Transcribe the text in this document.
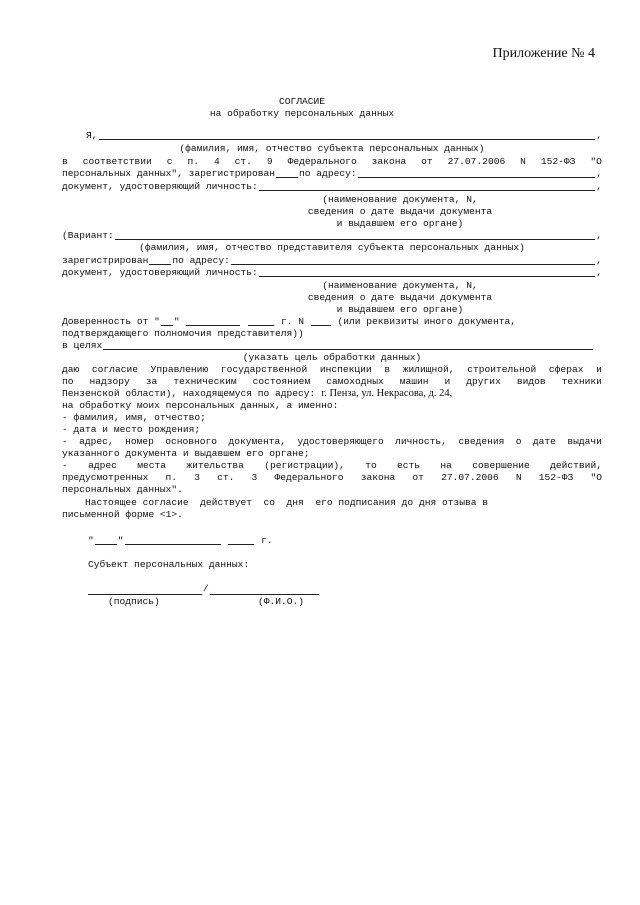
Приложение № 4
СОГЛАСИЕ
на обработку персональных данных
Я,	,
(фамилия, имя, отчество субъекта персональных данных)
в соответствии с п. 4 ст. 9 Федерального закона от 27.07.2006 N 152-ФЗ "О
персональных данных", зарегистрирован	по адресу:	,
документ, удостоверяющий личность:	,
(наименование документа, N,
сведения о дате выдачи документа
и выдавшем его органе)
(Вариант:	,
(фамилия, имя, отчество представителя субъекта персональных данных)
зарегистрирован	по адресу:	,
документ, удостоверяющий личность:	,
(наименование документа, N,
сведения о дате выдачи документа
и выдавшем его органе)
Доверенность от " "

	г. N

	(или реквизиты иного документа,
подтверждающего полномочия представителя))
в целях
(указать цель обработки данных)
даю согласие Управлению государственной инспекции в жилищной, строительной сферах и
по надзору за техническим состоянием самоходных машин и других видов техники
Пензенской области), находящемуся по адресу: г. Пенза, ул. Некрасова, д. 24,
на обработку моих персональных данных, а именно:
- фамилия, имя, отчество;
- дата и место рождения;
- адрес, номер основного документа, удостоверяющего личность, сведения о дате выдачи
указанного документа и выдавшем его органе;
- адрес места жительства (регистрации), то есть на совершение действий,
предусмотренных п. 3 ст. 3 Федерального закона от 27.07.2006 N 152-ФЗ "О
персональных данных".
Настоящее согласие  действует  со  дня  его подписания до дня отзыва в
письменной форме <1>.
"	"

	г.
Субъект персональных данных:
/
(подпись)	(Ф.И.О.)
